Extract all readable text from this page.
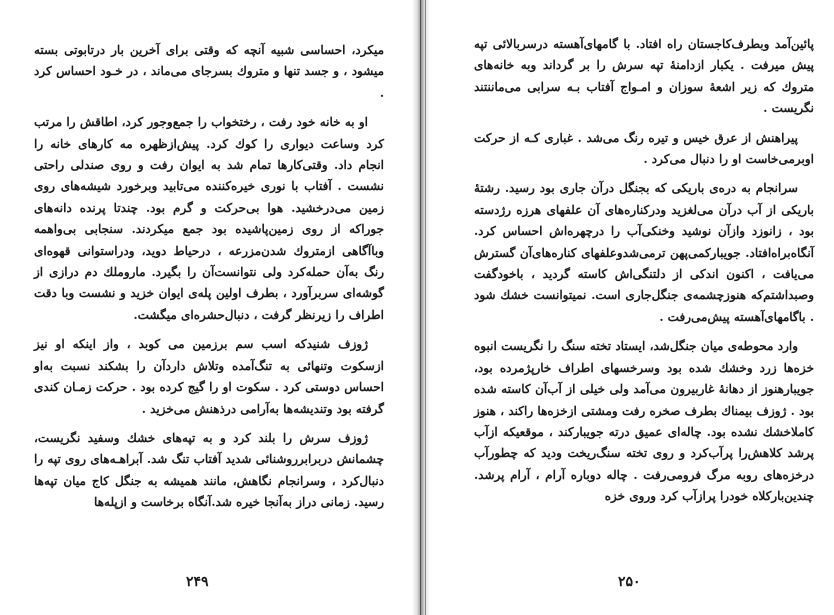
میکرد، احساسی شبیه آنچه که وقتی برای آخرین بار درتابوتی بسته میشود ، و جسد تنها و متروك بسرجای می‌ماند ، در خـود احساس کرد .

او به خانه خود رفت ، رختخواب را جمع‌وجور کرد، اطاقش را مرتب کرد وساعت دیواری را کوك کرد. پیش‌ازظهره مه کارهای خانه را انجام داد. وقتی‌کارها تمام شد به ایوان رفت و روی صندلی راحتی نشست . آفتاب با نوری خیره‌کننده می‌تابید وبرخورد شیشه‌های روی زمین می‌درخشید. هوا بی‌حرکت و گرم بود. چندتا پرنده دانه‌های جوراکه از روی زمین‌پاشیده بود جمع میکردند. سنجابی بی‌واهمه وباآگاهی ازمتروك شدن‌مزرعه ، درحیاط دوید، ودراستوانی قهوه‌ای رنگ به‌آن حمله‌کرد ولی نتوانست‌آن را بگیرد. ماروملك دم درازی از گوشه‌ای سربرآورد ، بطرف اولین پله‌ی ایوان خزید و نشست وبا دقت اطراف را زیرنظر گرفت ، دنبال‌حشره‌ای میگشت.

ژوزف شنیدکه اسب سم برزمین می کوبد ، واز اینکه او نیز ازسکوت وتنهائی به تنگ‌آمده وتلاش دارد‌آن را بشکند نسبت به‌او احساس دوستی کرد . سکوت او را گیج کرده بود . حرکت زمـان کندی گرفته بود وتندیشه‌ها به‌آرامی درذهنش می‌خزید .

ژوزف سرش را بلند کرد و به تپه‌های خشك وسفید نگریست، چشمانش دربرابرروشنائی شدید آفتاب تنگ شد. آبراهـه‌های روی تپه را دنبال‌کرد ، وسرانجام نگاهش، مانند همیشه به جنگل کاج میان تپه‌ها رسید. زمانی دراز به‌آنجا خیره شد.آنگاه برخاست و ازپله‌ها

۲۴۹

پائین‌آمد وبطرف‌کاجستان راه افتاد. با گامهای‌آهسته درسربالائی تپه پیش میرفت . یکبار ازدامنهٔ تپه سرش را بر گرداند وبه خانه‌های متروك که زیر اشعهٔ سوزان و امـواج آفتاب بـه سرابی می‌ماننتند نگریست .

پیراهنش از عرق خیس و تیره رنگ می‌شد . غباری کـه از حرکت اوبرمی‌خاست او را دنبال می‌کرد .

سرانجام به دره‌ی باریکی که بجنگل درآن جاری بود رسید. رشتهٔ باریکی از آب درآن می‌لغزید ودرکناره‌های آن علفهای هرزه‌ رژدسته بود ، زانوزد وازآن نوشید وخنکی‌آب را درچهره‌اش احساس کرد. آنگاه‌براه‌افتاد. جویبارکمی‌پهن ترمی‌شدوعلفهای کناره‌های‌آن گسترش می‌یافت ، اکنون اندکی از دلتنگی‌اش کاسته گردید ، باخودگفت وصبداشتم‌که هنوزچشمه‌ی جنگل‌جاری است. نمیتوانست خشك شود . باگامهای‌آهسته پیش‌می‌رفت .

وارد محوطه‌ی میان جنگل‌شد، ایستاد تخته سنگ را نگریست انبوه خزه‌ها زرد وخشك شده بود وسرخسهای اطراف خارپژمرده بود، جویبارهنوز از دهانهٔ غاربیرون می‌آمد ولی خیلی از آب‌آن کاسته شده بود . ژوزف بیمناك بطرف صخره رفت ومشتی ازخزه‌ها راکند ، هنوز کاملاخشك نشده بود. چاله‌ای عمیق درته جویبارکند ، موقعیکه ازآب پرشد کلاهش‌را پرآب‌کرد و روی تخته سنگ‌ریخت ودید که چطورآب درخزه‌های روبه مرگ فرومی‌رفت . چاله دوباره آرام ، آرام پرشد. چندین‌بارکلاه خودرا پرازآب کرد وروی خزه‌

۲۵۰
